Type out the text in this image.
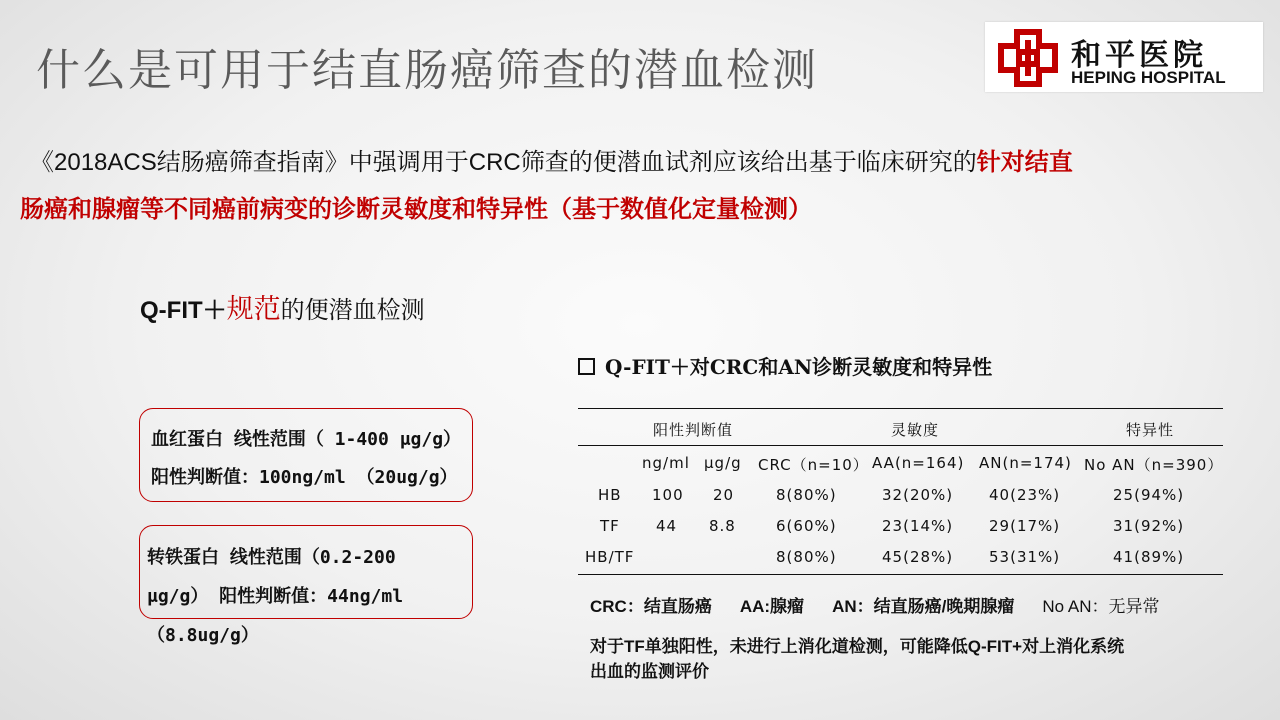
什么是可用于结直肠癌筛查的潜血检测	和平医院
HEPING HOSPITAL
《2018ACS结肠癌筛查指南》中强调用于CRC筛查的便潜血试剂应该给出基于临床研究的针对结直
肠癌和腺瘤等不同癌前病变的诊断灵敏度和特异性（基于数值化定量检测）
Q-FIT＋规范的便潜血检测
血红蛋白 线性范围（ 1-400 μg/g）
阳性判断值：100ng/ml （20ug/g）
转铁蛋白 线性范围（0.2-200
μg/g） 阳性判断值：44ng/ml
（8.8ug/g）
Q-FIT＋对CRC和AN诊断灵敏度和特异性
阳性判断值	灵敏度	特异性
ng/ml μg/g CRC（n=10） AA(n=164) AN(n=174) No AN（n=390）
HB 100 20	8(80%)	32(20%) 40(23%)	25(94%)
TF 44 8.8	6(60%)	23(14%) 29(17%)	31(92%)
HB/TF	8(80%)	45(28%) 53(31%)	41(89%)
CRC：结直肠癌 AA:腺瘤 AN：结直肠癌/晚期腺瘤 No AN：无异常
对于TF单独阳性，未进行上消化道检测，可能降低Q-FIT+对上消化系统
出血的监测评价
